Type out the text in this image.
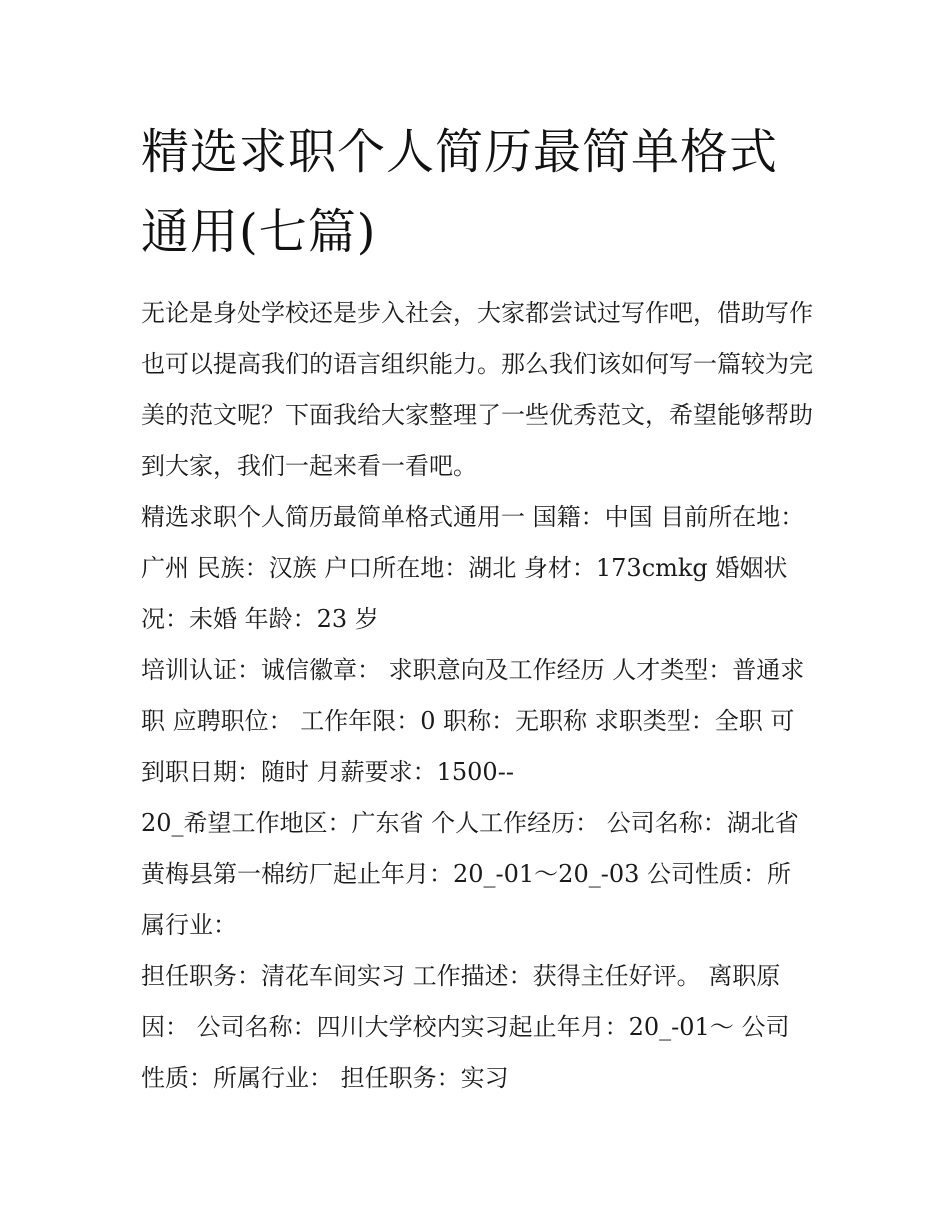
精选求职个人简历最简单格式通用(七篇)

无论是身处学校还是步入社会，大家都尝试过写作吧，借助写作也可以提高我们的语言组织能力。那么我们该如何写一篇较为完美的范文呢？下面我给大家整理了一些优秀范文，希望能够帮助到大家，我们一起来看一看吧。

精选求职个人简历最简单格式通用一 国籍：中国 目前所在地：广州 民族：汉族 户口所在地：湖北 身材：173cmkg 婚姻状况：未婚 年龄：23 岁

培训认证：诚信徽章： 求职意向及工作经历 人才类型：普通求职 应聘职位： 工作年限：0 职称：无职称 求职类型：全职 可到职日期：随时 月薪要求：1500--

20_希望工作地区：广东省 个人工作经历： 公司名称：湖北省黄梅县第一棉纺厂起止年月：20_-01～20_-03 公司性质：所属行业：

担任职务：清花车间实习 工作描述：获得主任好评。 离职原因： 公司名称：四川大学校内实习起止年月：20_-01～ 公司性质：所属行业： 担任职务：实习
